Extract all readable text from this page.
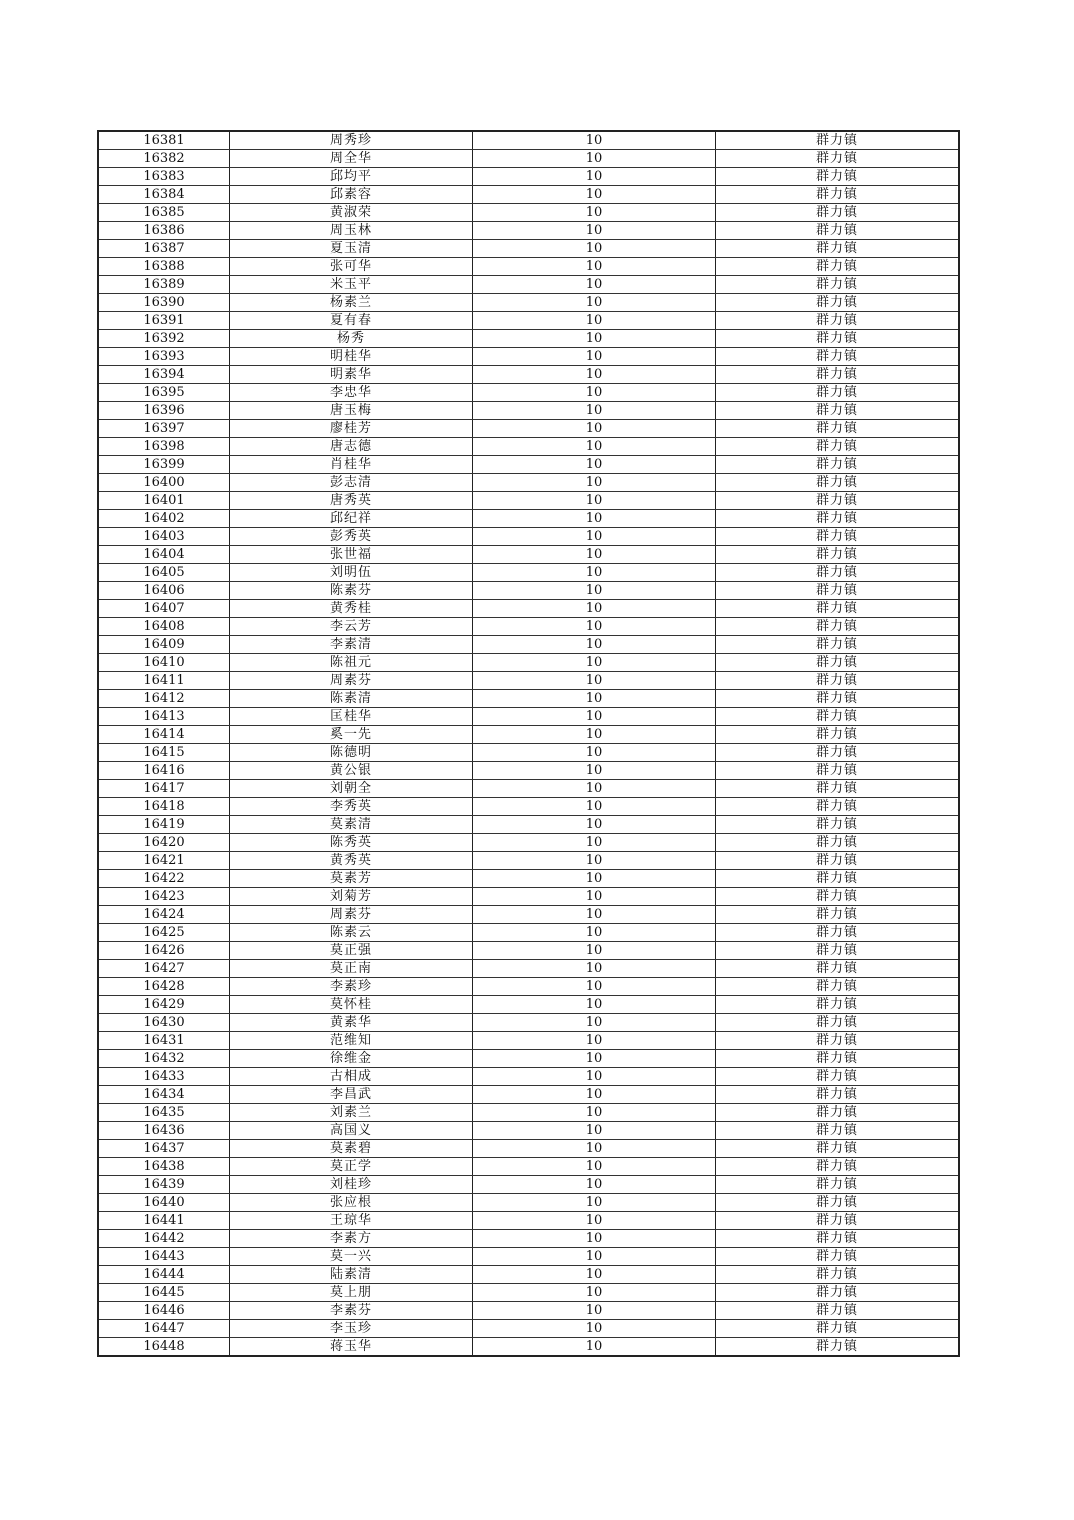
16381	周秀珍	10	群力镇
16382	周全华	10	群力镇
16383	邱均平	10	群力镇
16384	邱素容	10	群力镇
16385	黄淑荣	10	群力镇
16386	周玉林	10	群力镇
16387	夏玉清	10	群力镇
16388	张可华	10	群力镇
16389	米玉平	10	群力镇
16390	杨素兰	10	群力镇
16391	夏有春	10	群力镇
16392	杨秀	10	群力镇
16393	明桂华	10	群力镇
16394	明素华	10	群力镇
16395	李忠华	10	群力镇
16396	唐玉梅	10	群力镇
16397	廖桂芳	10	群力镇
16398	唐志德	10	群力镇
16399	肖桂华	10	群力镇
16400	彭志清	10	群力镇
16401	唐秀英	10	群力镇
16402	邱纪祥	10	群力镇
16403	彭秀英	10	群力镇
16404	张世福	10	群力镇
16405	刘明伍	10	群力镇
16406	陈素芬	10	群力镇
16407	黄秀桂	10	群力镇
16408	李云芳	10	群力镇
16409	李素清	10	群力镇
16410	陈祖元	10	群力镇
16411	周素芬	10	群力镇
16412	陈素清	10	群力镇
16413	匡桂华	10	群力镇
16414	奚一先	10	群力镇
16415	陈德明	10	群力镇
16416	黄公银	10	群力镇
16417	刘朝全	10	群力镇
16418	李秀英	10	群力镇
16419	莫素清	10	群力镇
16420	陈秀英	10	群力镇
16421	黄秀英	10	群力镇
16422	莫素芳	10	群力镇
16423	刘菊芳	10	群力镇
16424	周素芬	10	群力镇
16425	陈素云	10	群力镇
16426	莫正强	10	群力镇
16427	莫正南	10	群力镇
16428	李素珍	10	群力镇
16429	莫怀桂	10	群力镇
16430	黄素华	10	群力镇
16431	范维知	10	群力镇
16432	徐维金	10	群力镇
16433	古相成	10	群力镇
16434	李昌武	10	群力镇
16435	刘素兰	10	群力镇
16436	高国义	10	群力镇
16437	莫素碧	10	群力镇
16438	莫正学	10	群力镇
16439	刘桂珍	10	群力镇
16440	张应根	10	群力镇
16441	王琼华	10	群力镇
16442	李素方	10	群力镇
16443	莫一兴	10	群力镇
16444	陆素清	10	群力镇
16445	莫上朋	10	群力镇
16446	李素芬	10	群力镇
16447	李玉珍	10	群力镇
16448	蒋玉华	10	群力镇
